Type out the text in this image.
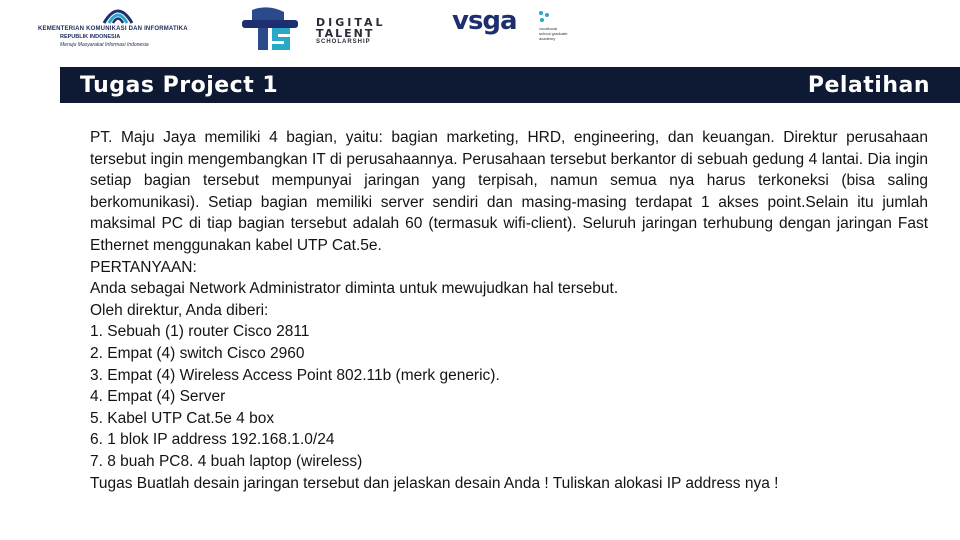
KEMENTERIAN KOMUNIKASI DAN INFORMATIKA
REPUBLIK INDONESIA
Menuju Masyarakat Informasi Indonesia
DIGITAL
TALENT
SCHOLARSHIP
vsga	vocational school graduate academy
Tugas Project 1	Pelatihan

PT. Maju Jaya memiliki 4 bagian, yaitu: bagian marketing, HRD, engineering, dan keuangan. Direktur perusahaan tersebut ingin mengembangkan IT di perusahaannya. Perusahaan tersebut berkantor di sebuah gedung 4 lantai. Dia ingin setiap bagian tersebut mempunyai jaringan yang terpisah, namun semua nya harus terkoneksi (bisa saling berkomunikasi). Setiap bagian memiliki server sendiri dan masing-masing terdapat 1 akses point.Selain itu jumlah maksimal PC di tiap bagian tersebut adalah 60 (termasuk wifi-client). Seluruh jaringan terhubung dengan jaringan Fast Ethernet menggunakan kabel UTP Cat.5e.

PERTANYAAN:

Anda sebagai Network Administrator diminta untuk mewujudkan hal tersebut.

Oleh direktur, Anda diberi:

1. Sebuah (1) router Cisco 2811

2. Empat (4) switch Cisco 2960

3. Empat (4) Wireless Access Point 802.11b (merk generic).

4. Empat (4) Server

5. Kabel UTP Cat.5e 4 box

6. 1 blok IP address 192.168.1.0/24

7. 8 buah PC8. 4 buah laptop (wireless)

Tugas Buatlah desain jaringan tersebut dan jelaskan desain Anda ! Tuliskan alokasi IP address nya !
